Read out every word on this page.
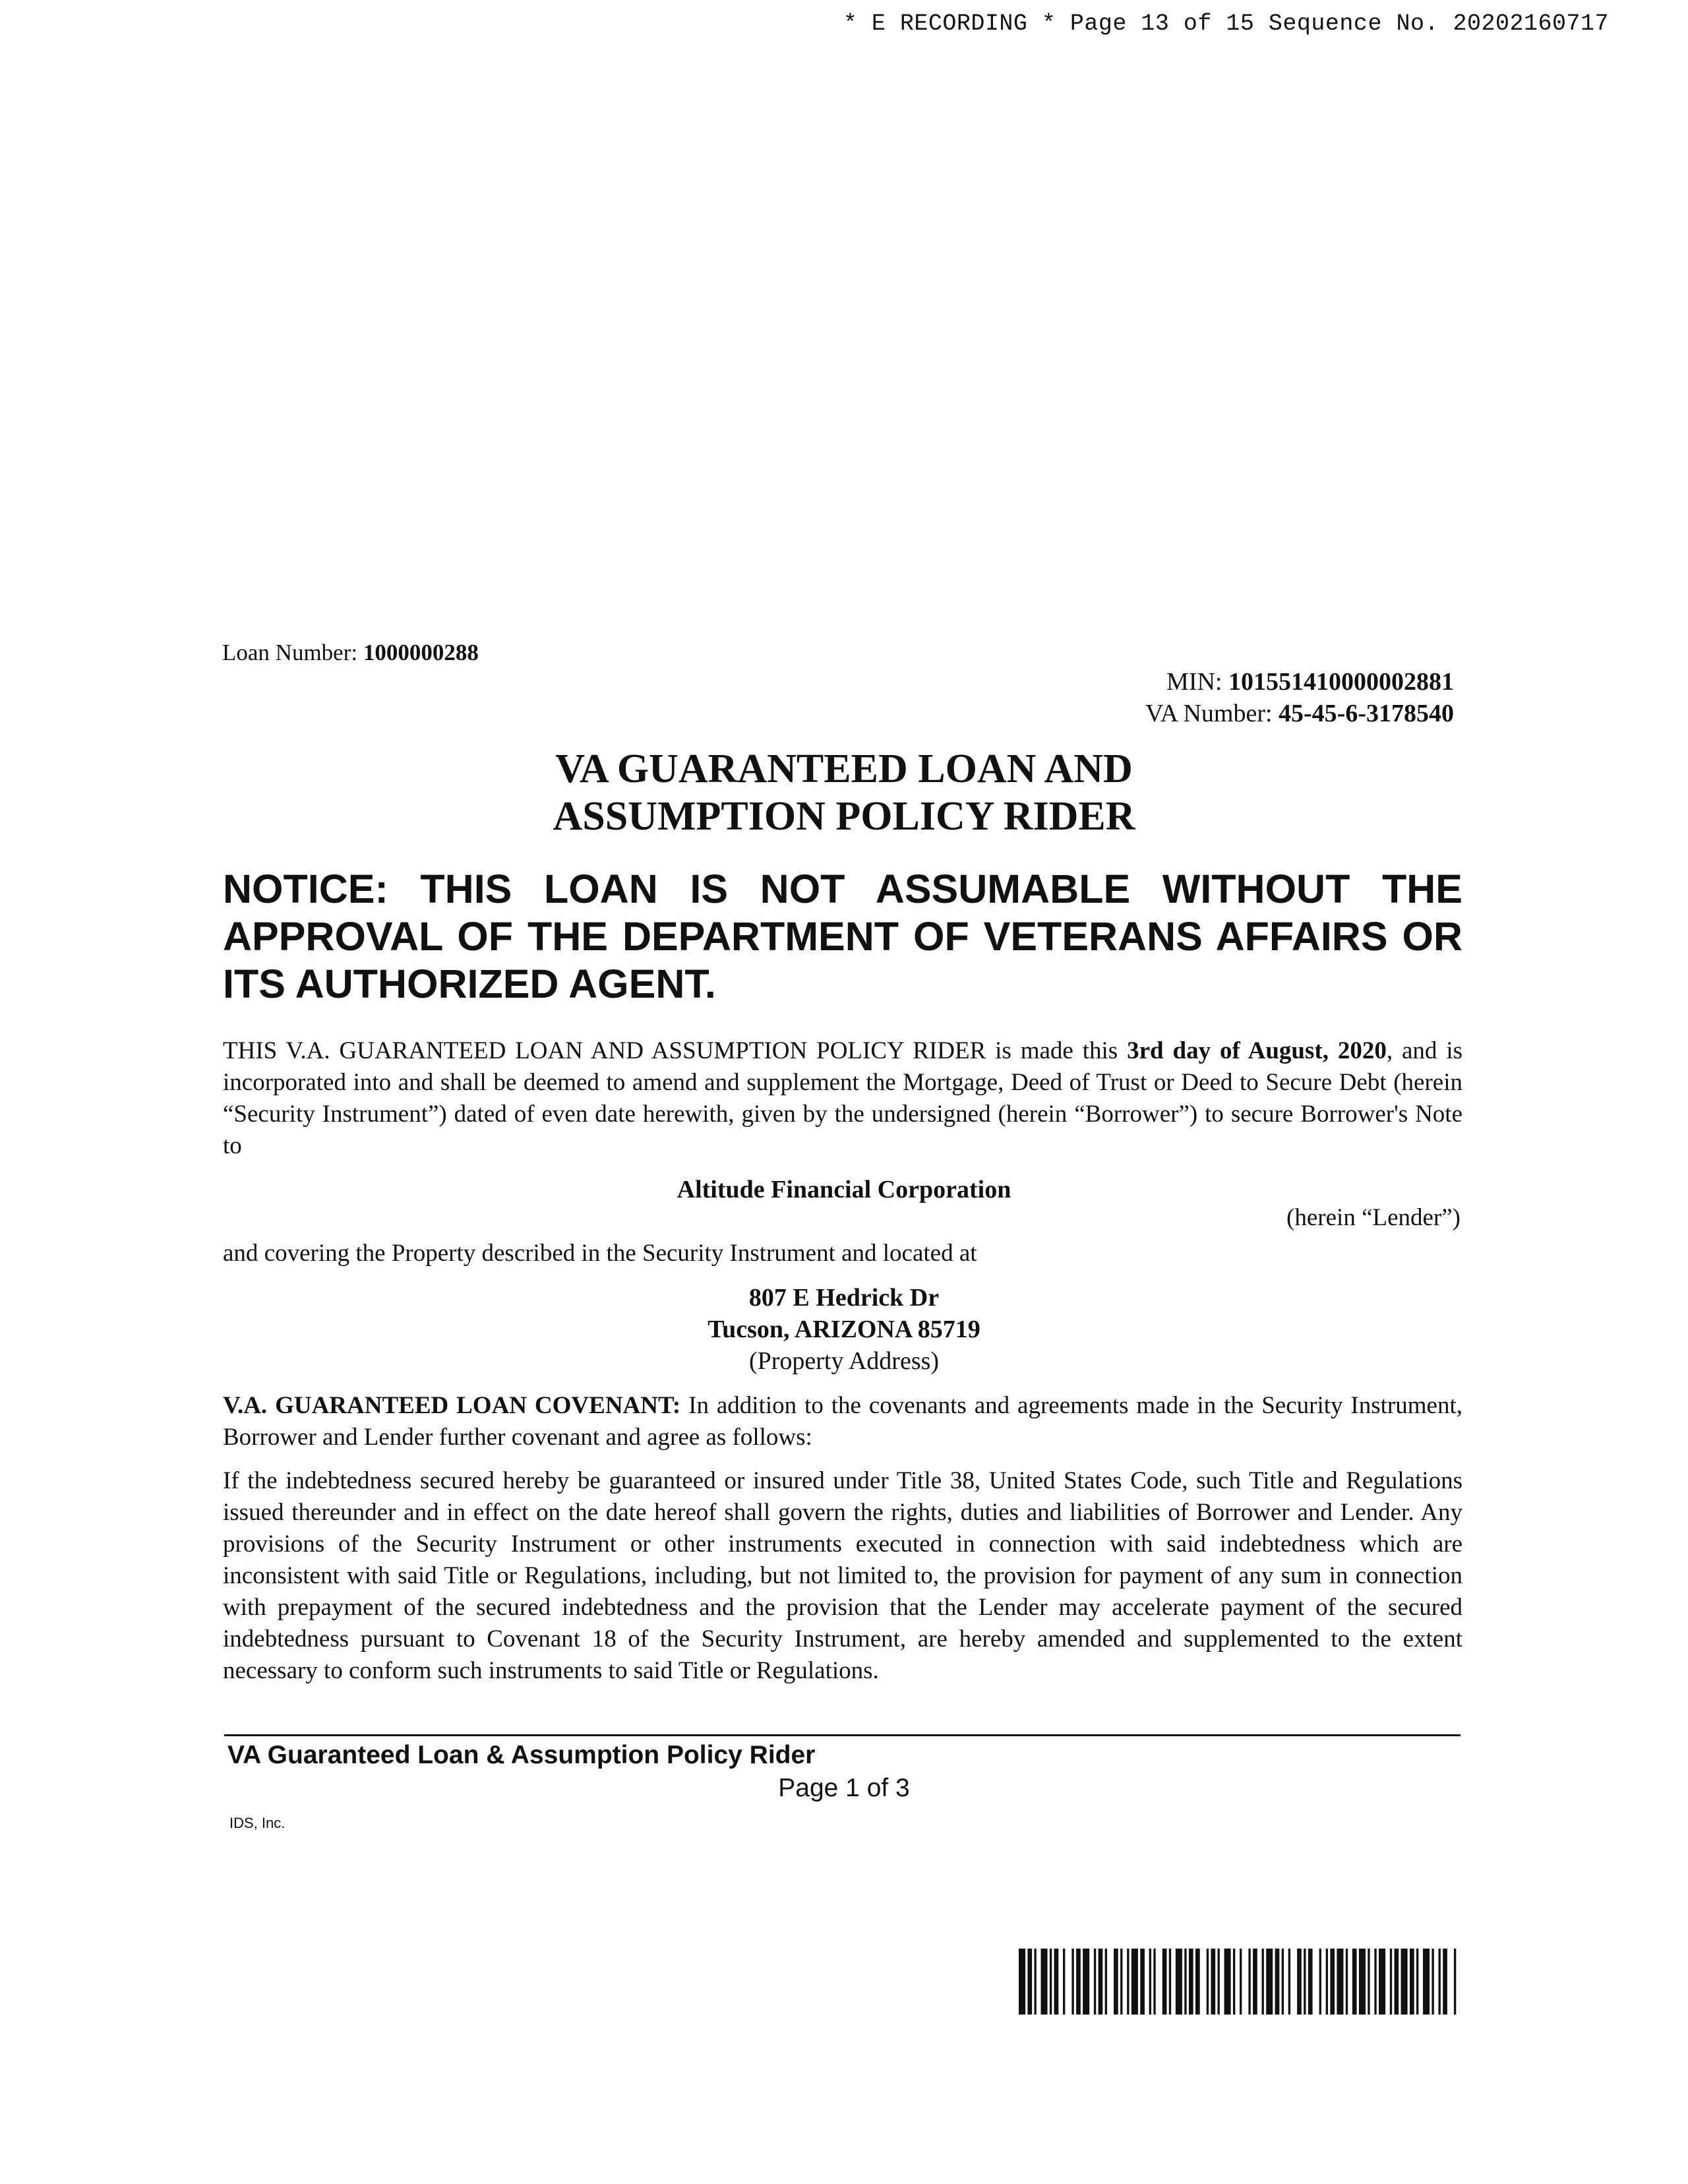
* E RECORDING * Page 13 of 15 Sequence No. 20202160717
Loan Number: 1000000288
MIN: 101551410000002881
VA Number: 45-45-6-3178540
VA GUARANTEED LOAN AND
ASSUMPTION POLICY RIDER
NOTICE: THIS LOAN IS NOT ASSUMABLE WITHOUT THE APPROVAL OF THE DEPARTMENT OF VETERANS AFFAIRS OR ITS AUTHORIZED AGENT.
THIS V.A. GUARANTEED LOAN AND ASSUMPTION POLICY RIDER is made this 3rd day of August, 2020, and is incorporated into and shall be deemed to amend and supplement the Mortgage, Deed of Trust or Deed to Secure Debt (herein “Security Instrument”) dated of even date herewith, given by the undersigned (herein “Borrower”) to secure Borrower's Note to
Altitude Financial Corporation
(herein “Lender”)
and covering the Property described in the Security Instrument and located at
807 E Hedrick Dr
Tucson, ARIZONA 85719
(Property Address)
V.A. GUARANTEED LOAN COVENANT: In addition to the covenants and agreements made in the Security Instrument, Borrower and Lender further covenant and agree as follows:
If the indebtedness secured hereby be guaranteed or insured under Title 38, United States Code, such Title and Regulations issued thereunder and in effect on the date hereof shall govern the rights, duties and liabilities of Borrower and Lender. Any provisions of the Security Instrument or other instruments executed in connection with said indebtedness which are inconsistent with said Title or Regulations, including, but not limited to, the provision for payment of any sum in connection with prepayment of the secured indebtedness and the provision that the Lender may accelerate payment of the secured indebtedness pursuant to Covenant 18 of the Security Instrument, are hereby amended and supplemented to the extent necessary to conform such instruments to said Title or Regulations.
VA Guaranteed Loan & Assumption Policy Rider
Page 1 of 3
IDS, Inc.
